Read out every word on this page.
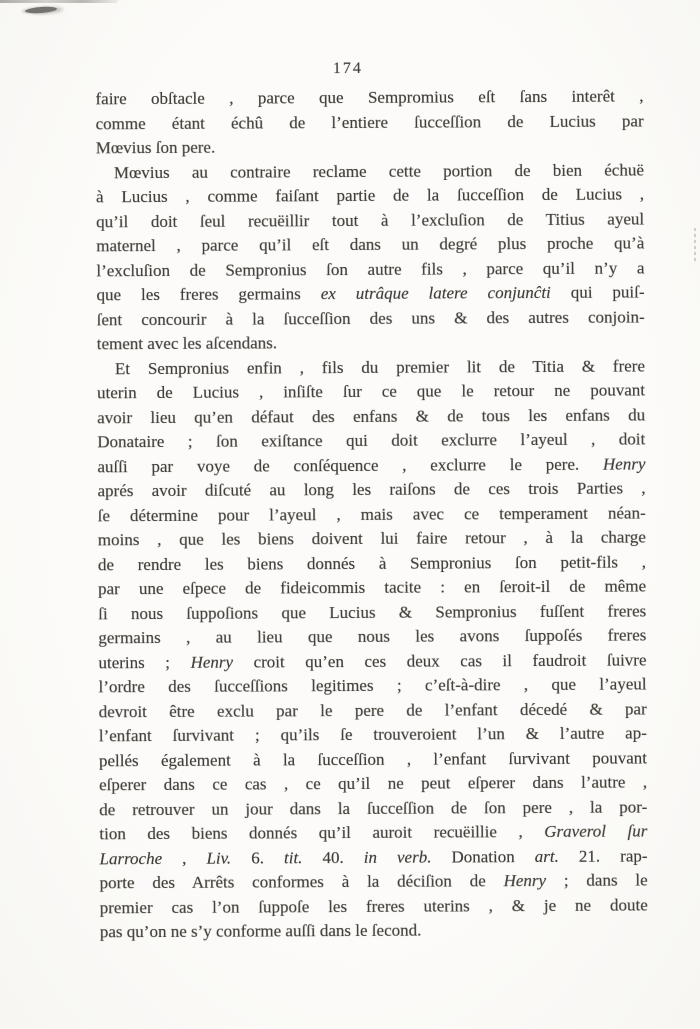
174
faire obſtacle , parce que Sempromius eſt ſans interêt ,
comme étant échû de l’entiere ſucceſſion de Lucius par
Mœvius ſon pere.
Mœvius au contraire reclame cette portion de bien échuë
à Lucius , comme faiſant partie de la ſucceſſion de Lucius ,
qu’il doit ſeul recuëillir tout à l’excluſion de Titius ayeul
maternel , parce qu’il eſt dans un degré plus proche qu’à
l’excluſion de Sempronius ſon autre fils , parce qu’il n’y a
que les freres germains ex utrâque latere conjunĉti qui puiſ-
ſent concourir à la ſucceſſion des uns & des autres conjoin-
tement avec les aſcendans.
Et Sempronius enfin , fils du premier lit de Titia & frere
uterin de Lucius , inſiſte ſur ce que le retour ne pouvant
avoir lieu qu’en défaut des enfans & de tous les enfans du
Donataire ; ſon exiſtance qui doit exclurre l’ayeul , doit
auſſi par voye de conſéquence , exclurre le pere. Henry
aprés avoir diſcuté au long les raiſons de ces trois Parties ,
ſe détermine pour l’ayeul , mais avec ce temperament néan-
moins , que les biens doivent lui faire retour , à la charge
de rendre les biens donnés à Sempronius ſon petit-fils ,
par une eſpece de fideicommis tacite : en ſeroit-il de même
ſi nous ſuppoſions que Lucius & Sempronius fuſſent freres
germains , au lieu que nous les avons ſuppoſés freres
uterins ; Henry croit qu’en ces deux cas il faudroit ſuivre
l’ordre des ſucceſſions legitimes ; c’eſt-à-dire , que l’ayeul
devroit être exclu par le pere de l’enfant décedé & par
l’enfant ſurvivant ; qu’ils ſe trouveroient l’un & l’autre ap-
pellés également à la ſucceſſion , l’enfant ſurvivant pouvant
eſperer dans ce cas , ce qu’il ne peut eſperer dans l’autre ,
de retrouver un jour dans la ſucceſſion de ſon pere , la por-
tion des biens donnés qu’il auroit recuëillie , Graverol ſur
Larroche , Liv. 6. tit. 40. in verb. Donation art. 21. rap-
porte des Arrêts conformes à la déciſion de Henry ; dans le
premier cas l’on ſuppoſe les freres uterins , & je ne doute
pas qu’on ne s’y conforme auſſi dans le ſecond.
